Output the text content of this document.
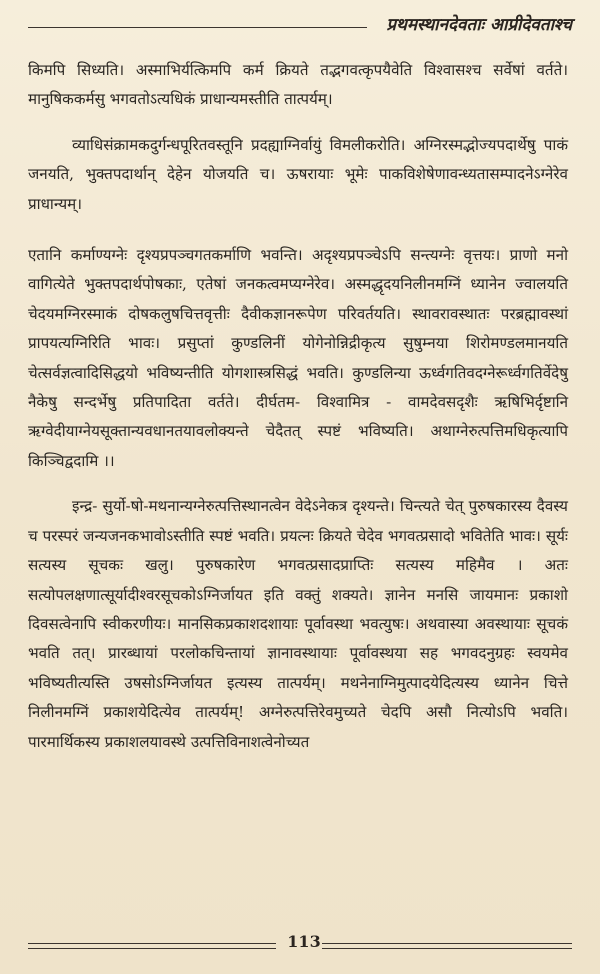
प्रथमस्थानदेवताः आप्रीदेवताश्च

किमपि सिध्यति। अस्माभिर्यत्किमपि कर्म क्रियते तद्भगवत्कृपयैवेति विश्वासश्च सर्वेषां वर्तते। मानुषिककर्मसु भगवतोऽत्यधिकं प्राधान्यमस्तीति तात्पर्यम्।

व्याधिसंक्रामकदुर्गन्धपूरितवस्तूनि प्रदह्याग्निर्वायुं विमलीकरोति। अग्निरस्मद्भोज्यपदार्थेषु पाकं जनयति, भुक्तपदार्थान् देहेन योजयति च। ऊषरायाः भूमेः पाकविशेषेणावन्ध्यतासम्पादनेऽग्नेरेव प्राधान्यम्।

एतानि कर्माण्यग्नेः दृश्यप्रपञ्चगतकर्माणि भवन्ति। अदृश्यप्रपञ्चेऽपि सन्त्यग्नेः वृत्तयः। प्राणो मनो वागित्येते भुक्तपदार्थपोषकाः, एतेषां जनकत्वमप्यग्नेरेव। अस्मद्धृदयनिलीनमग्निं ध्यानेन ज्वालयति चेदयमग्निरस्माकं दोषकलुषचित्तवृत्तीः दैवीकज्ञानरूपेण परिवर्तयति। स्थावरावस्थातः परब्रह्मावस्थां प्रापयत्यग्निरिति भावः। प्रसुप्तां कुण्डलिनीं योगेनोन्निद्रीकृत्य सुषुम्नया शिरोमण्डलमानयति चेत्सर्वज्ञत्वादिसिद्धयो भविष्यन्तीति योगशास्त्रसिद्धं भवति। कुण्डलिन्या ऊर्ध्वगतिवदग्नेरूर्ध्वगतिर्वेदेषु नैकेषु सन्दर्भेषु प्रतिपादिता वर्तते। दीर्घतम- विश्वामित्र - वामदेवसदृशैः ऋषिभिर्दृष्टानि ऋग्वेदीयाग्नेयसूक्तान्यवधानतयावलोक्यन्ते चेदैतत् स्पष्टं भविष्यति। अथाग्नेरुत्पत्तिमधिकृत्यापि किञ्चिद्वदामि ।।

इन्द्र- सुर्यो-षो-मथनान्यग्नेरुत्पत्तिस्थानत्वेन वेदेऽनेकत्र दृश्यन्ते। चिन्त्यते चेत् पुरुषकारस्य दैवस्य च परस्परं जन्यजनकभावोऽस्तीति स्पष्टं भवति। प्रयत्नः क्रियते चेदेव भगवत्प्रसादो भवितेति भावः। सूर्यः सत्यस्य सूचकः खलु। पुरुषकारेण भगवत्प्रसादप्राप्तिः सत्यस्य महिमैव । अतः सत्योपलक्षणात्सूर्यादीश्वरसूचकोऽग्निर्जायत इति वक्तुं शक्यते। ज्ञानेन मनसि जायमानः प्रकाशो दिवसत्वेनापि स्वीकरणीयः। मानसिकप्रकाशदशायाः पूर्वावस्था भवत्युषः। अथवास्या अवस्थायाः सूचकं भवति तत्। प्रारब्धायां परलोकचिन्तायां ज्ञानावस्थायाः पूर्वावस्थया सह भगवदनुग्रहः स्वयमेव भविष्यतीत्यस्ति उषसोऽग्निर्जायत इत्यस्य तात्पर्यम्। मथनेनाग्निमुत्पादयेदित्यस्य ध्यानेन चित्ते निलीनमग्निं प्रकाशयेदित्येव तात्पर्यम्! अग्नेरुत्पत्तिरेवमुच्यते चेदपि असौ नित्योऽपि भवति। पारमार्थिकस्य प्रकाशलयावस्थे उत्पत्तिविनाशत्वेनोच्यत

113
